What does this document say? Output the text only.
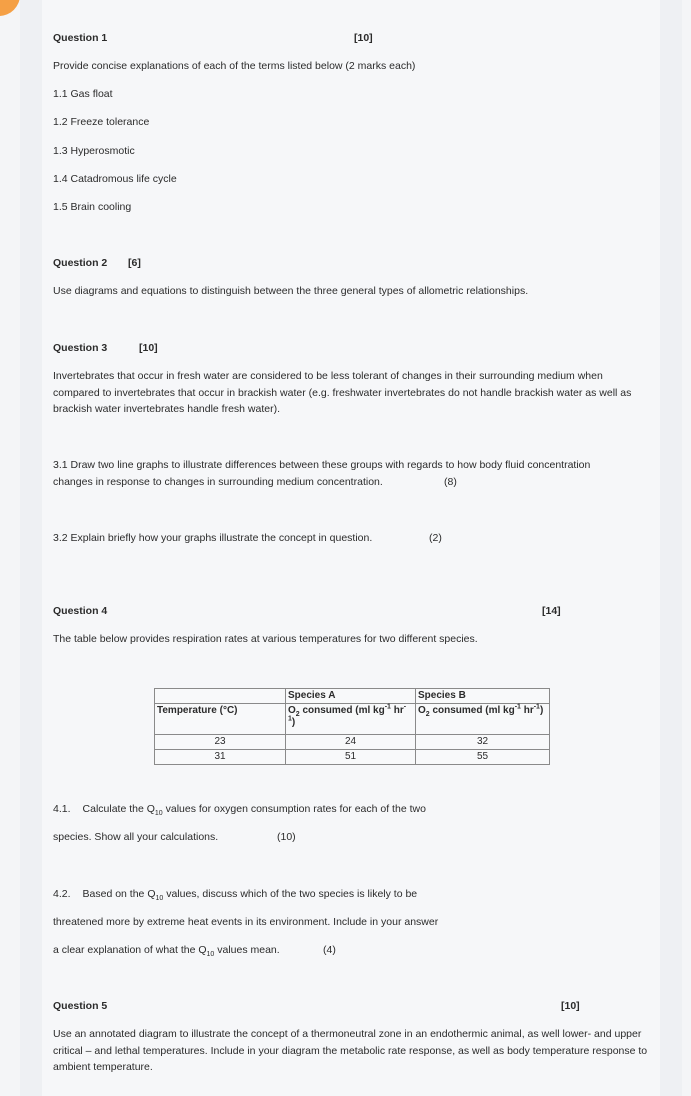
Question 1	[10]
Provide concise explanations of each of the terms listed below (2 marks each)
1.1 Gas float
1.2 Freeze tolerance
1.3 Hyperosmotic
1.4 Catadromous life cycle
1.5 Brain cooling
Question 2 [6]
Use diagrams and equations to distinguish between the three general types of allometric relationships.
Question 3	[10]
Invertebrates that occur in fresh water are considered to be less tolerant of changes in their surrounding medium when compared to invertebrates that occur in brackish water (e.g. freshwater invertebrates do not handle brackish water as well as brackish water invertebrates handle fresh water).
3.1 Draw two line graphs to illustrate differences between these groups with regards to how body fluid concentration changes in response to changes in surrounding medium concentration.	(8)
3.2 Explain briefly how your graphs illustrate the concept in question.	(2)
Question 4	[14]
The table below provides respiration rates at various temperatures for two different species.
	Species A	Species B
Temperature (°C)	$O_2$ consumed (ml $kg^{-1}$ $hr^{-1}$)	$O_2$ consumed (ml $kg^{-1}$ $hr^{-1}$)
23	24	32
31	51	55
4.1. Calculate the $Q_{10}$ values for oxygen consumption rates for each of the two
species. Show all your calculations.	(10)
4.2. Based on the $Q_{10}$ values, discuss which of the two species is likely to be
threatened more by extreme heat events in its environment. Include in your answer
a clear explanation of what the $Q_{10}$ values mean.	(4)
Question 5	[10]
Use an annotated diagram to illustrate the concept of a thermoneutral zone in an endothermic animal, as well lower- and upper critical – and lethal temperatures. Include in your diagram the metabolic rate response, as well as body temperature response to ambient temperature.
